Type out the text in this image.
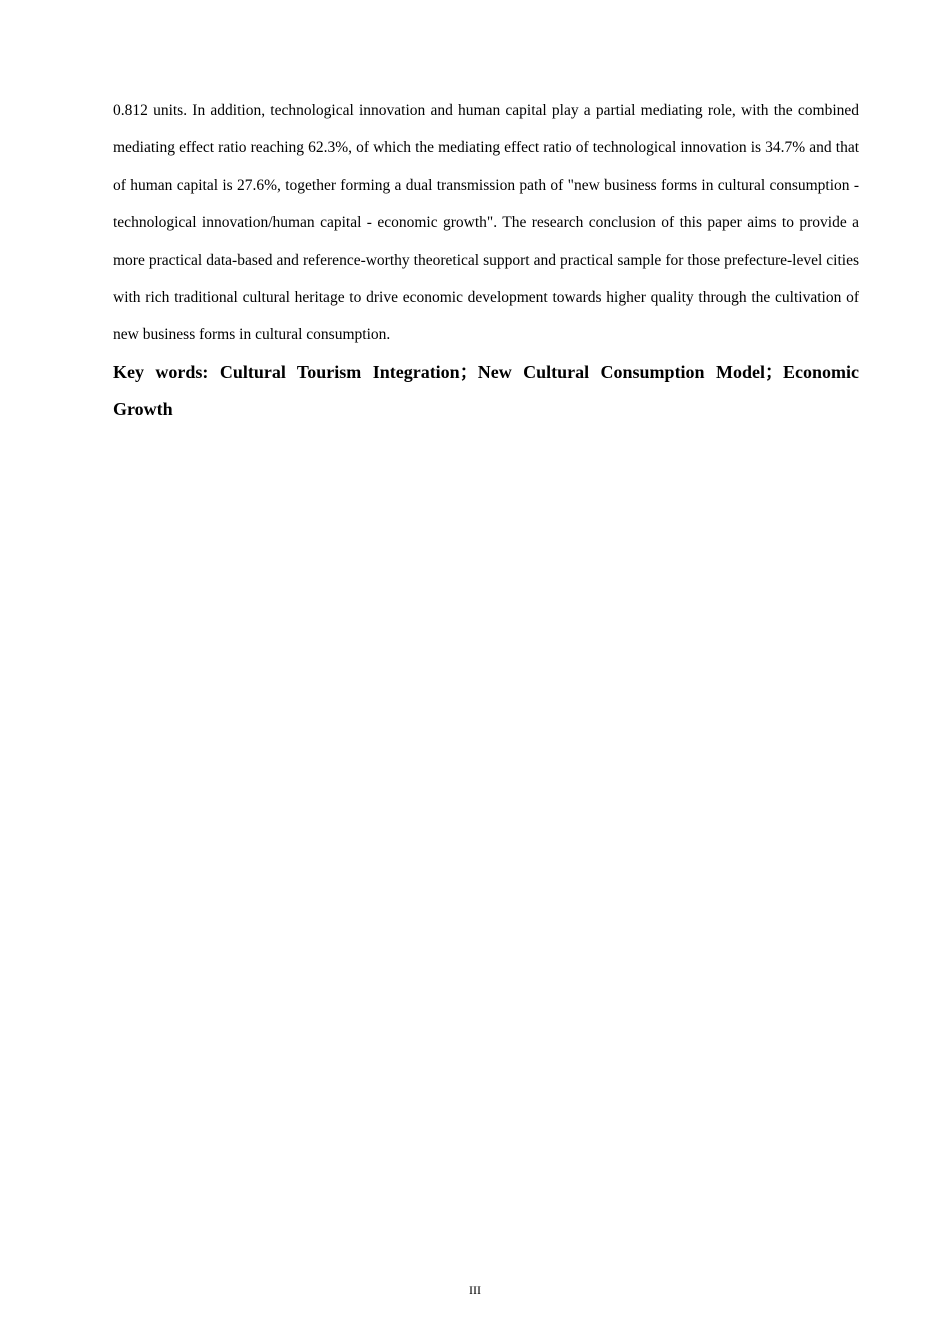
0.812 units. In addition, technological innovation and human capital play a partial mediating role, with the combined mediating effect ratio reaching 62.3%, of which the mediating effect ratio of technological innovation is 34.7% and that of human capital is 27.6%, together forming a dual transmission path of "new business forms in cultural consumption - technological innovation/human capital - economic growth". The research conclusion of this paper aims to provide a more practical data-based and reference-worthy theoretical support and practical sample for those prefecture-level cities with rich traditional cultural heritage to drive economic development towards higher quality through the cultivation of new business forms in cultural consumption.

Key words: Cultural Tourism Integration；New Cultural Consumption Model；Economic Growth

III
